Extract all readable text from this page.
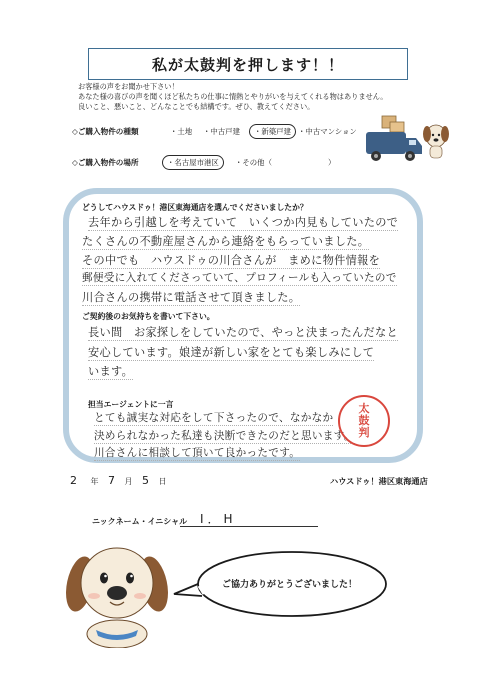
私が太鼓判を押します！！
お客様の声をお聞かせ下さい！
あなた様の喜びの声を聞くほど私たちの仕事に情熱とやりがいを与えてくれる物はありません。
良いこと、悪いこと、どんなことでも結構です。ぜひ、教えてください。
◇ご購入物件の種類	・土地 ・中古戸建	・新築戸建 ・中古マンション
◇ご購入物件の場所	・名古屋市港区	・その他（	）
どうしてハウスドゥ！港区東海通店を選んでくださいましたか？
去年から引越しを考えていて　いくつか内見もしていたので
たくさんの不動産屋さんから連絡をもらっていました。
その中でも　ハウスドゥの川合さんが　まめに物件情報を
郵便受に入れてくださっていて、プロフィールも入っていたので
川合さんの携帯に電話させて頂きました。
ご契約後のお気持ちを書いて下さい。
長い間　お家探しをしていたので、やっと決まったんだなと
安心しています。娘達が新しい家をとても楽しみにして
います。
担当エージェントに一言
とても誠実な対応をして下さったので、なかなか
決められなかった私達も決断できたのだと思います。
川合さんに相談して頂いて良かったです。
太
鼓
判
2 年 7 月 5 日	ハウスドゥ！港区東海通店
ニックネーム・イニシャル I．H
ご協力ありがとうございました！
